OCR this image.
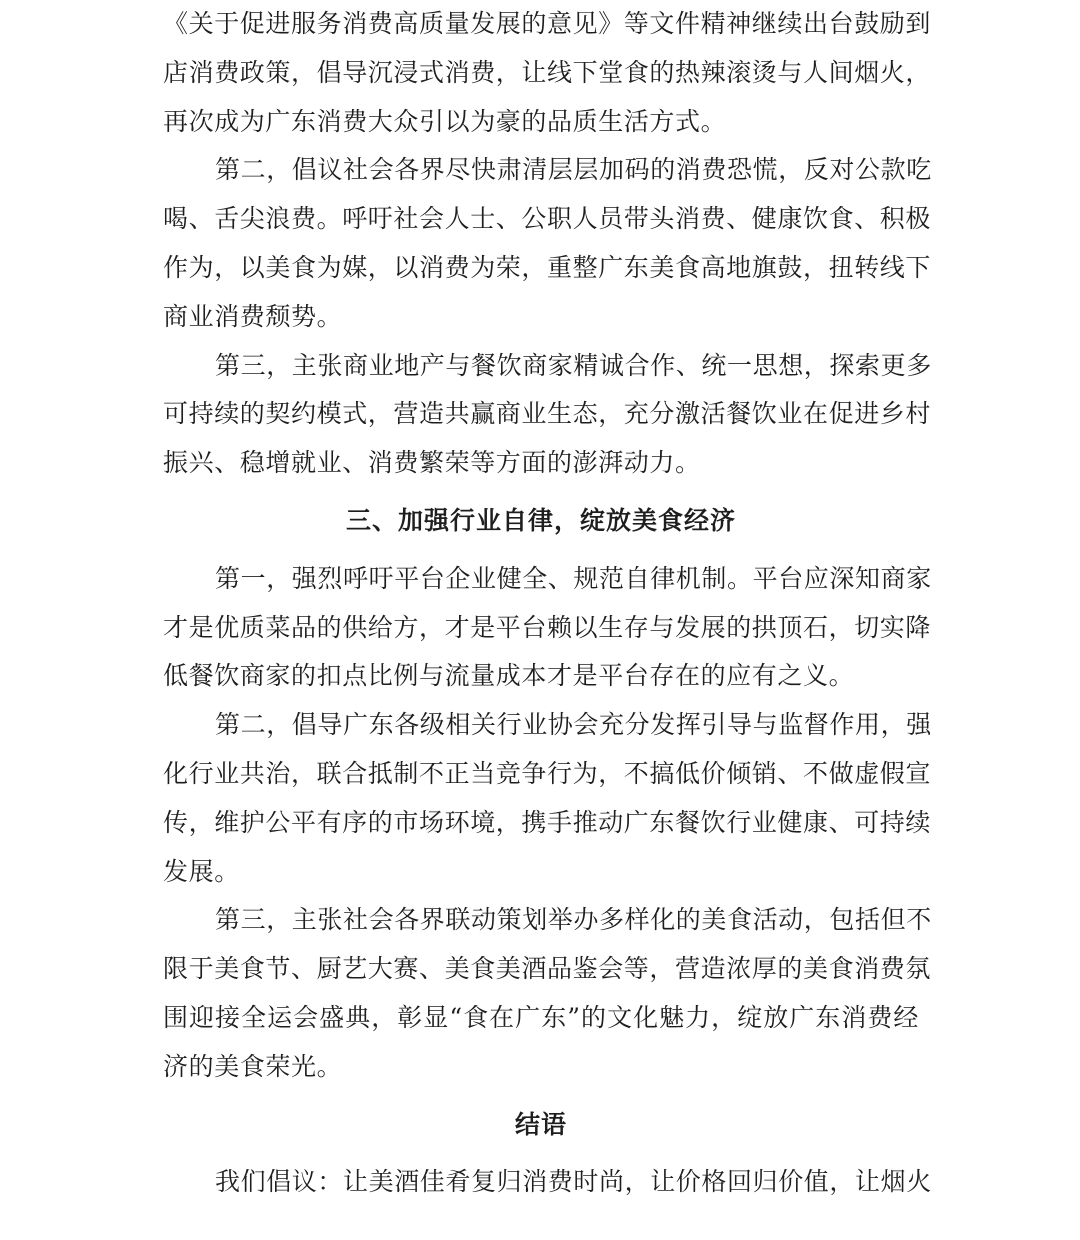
《关于促进服务消费高质量发展的意见》等文件精神继续出台鼓励到
店消费政策，倡导沉浸式消费，让线下堂食的热辣滚烫与人间烟火，
再次成为广东消费大众引以为豪的品质生活方式。
第二，倡议社会各界尽快肃清层层加码的消费恐慌，反对公款吃
喝、舌尖浪费。呼吁社会人士、公职人员带头消费、健康饮食、积极
作为，以美食为媒，以消费为荣，重整广东美食高地旗鼓，扭转线下
商业消费颓势。
第三，主张商业地产与餐饮商家精诚合作、统一思想，探索更多
可持续的契约模式，营造共赢商业生态，充分激活餐饮业在促进乡村
振兴、稳增就业、消费繁荣等方面的澎湃动力。
三、加强行业自律，绽放美食经济
第一，强烈呼吁平台企业健全、规范自律机制。平台应深知商家
才是优质菜品的供给方，才是平台赖以生存与发展的拱顶石，切实降
低餐饮商家的扣点比例与流量成本才是平台存在的应有之义。
第二，倡导广东各级相关行业协会充分发挥引导与监督作用，强
化行业共治，联合抵制不正当竞争行为，不搞低价倾销、不做虚假宣
传，维护公平有序的市场环境，携手推动广东餐饮行业健康、可持续
发展。
第三，主张社会各界联动策划举办多样化的美食活动，包括但不
限于美食节、厨艺大赛、美食美酒品鉴会等，营造浓厚的美食消费氛
围迎接全运会盛典，彰显“食在广东”的文化魅力，绽放广东消费经
济的美食荣光。
结语
我们倡议：让美酒佳肴复归消费时尚，让价格回归价值，让烟火
